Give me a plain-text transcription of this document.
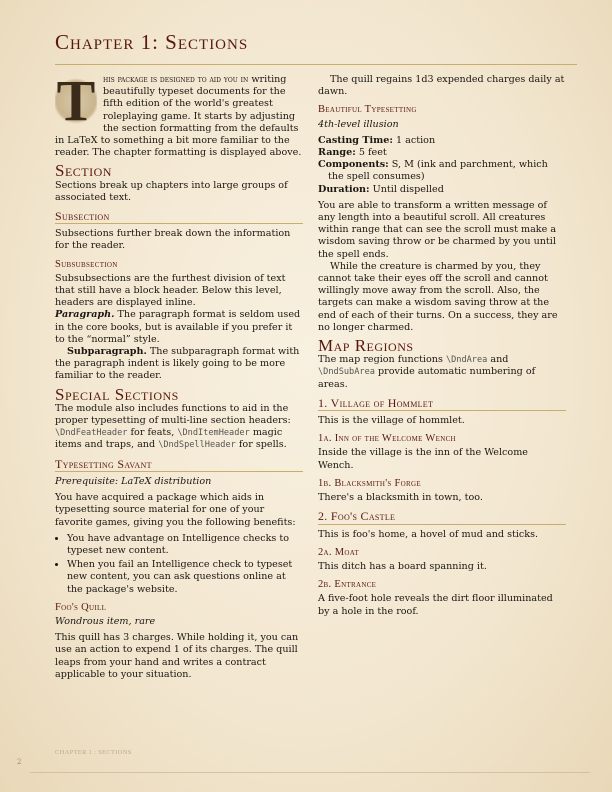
Chapter 1: Sections
T his package is designed to aid you in writing beautifully typeset documents for the fifth edition of the world's greatest roleplaying game. It starts by adjusting the section formatting from the defaults in LaTeX to something a bit more familiar to the reader. The chapter formatting is displayed above.

Section

Sections break up chapters into large groups of associated text.

Subsection

Subsections further break down the information for the reader.

Subsubsection

Subsubsections are the furthest division of text that still have a block header. Below this level, headers are displayed inline.

Paragraph. The paragraph format is seldom used in the core books, but is available if you prefer it to the “normal” style.

Subparagraph. The subparagraph format with the paragraph indent is likely going to be more familiar to the reader.

Special Sections

The module also includes functions to aid in the proper typesetting of multi-line section headers: \DndFeatHeader for feats, \DndItemHeader magic items and traps, and \DndSpellHeader for spells.

Typesetting Savant

Prerequisite: LaTeX distribution

You have acquired a package which aids in typesetting source material for one of your favorite games, giving you the following benefits:

• You have advantage on Intelligence checks to typeset new content.
• When you fail an Intelligence check to typeset new content, you can ask questions online at the package's website.
Foo's Quill

Wondrous item, rare

This quill has 3 charges. While holding it, you can use an action to expend 1 of its charges. The quill leaps from your hand and writes a contract applicable to your situation.

The quill regains 1d3 expended charges daily at dawn.

Beautiful Typesetting

4th-level illusion

Casting Time: 1 action

Range: 5 feet

Components: S, M (ink and parchment, which the spell consumes)

Duration: Until dispelled

You are able to transform a written message of any length into a beautiful scroll. All creatures within range that can see the scroll must make a wisdom saving throw or be charmed by you until the spell ends.

While the creature is charmed by you, they cannot take their eyes off the scroll and cannot willingly move away from the scroll. Also, the targets can make a wisdom saving throw at the end of each of their turns. On a success, they are no longer charmed.

Map Regions

The map region functions \DndArea and \DndSubArea provide automatic numbering of areas.

1. Village of Hommlet

This is the village of hommlet.

1a. Inn of the Welcome Wench

Inside the village is the inn of the Welcome Wench.

1b. Blacksmith's Forge

There's a blacksmith in town, too.

2. Foo's Castle

This is foo's home, a hovel of mud and sticks.

2a. Moat

This ditch has a board spanning it.

2b. Entrance

A five-foot hole reveals the dirt floor illuminated by a hole in the roof.

CHAPTER 1 : SECTIONS
2
